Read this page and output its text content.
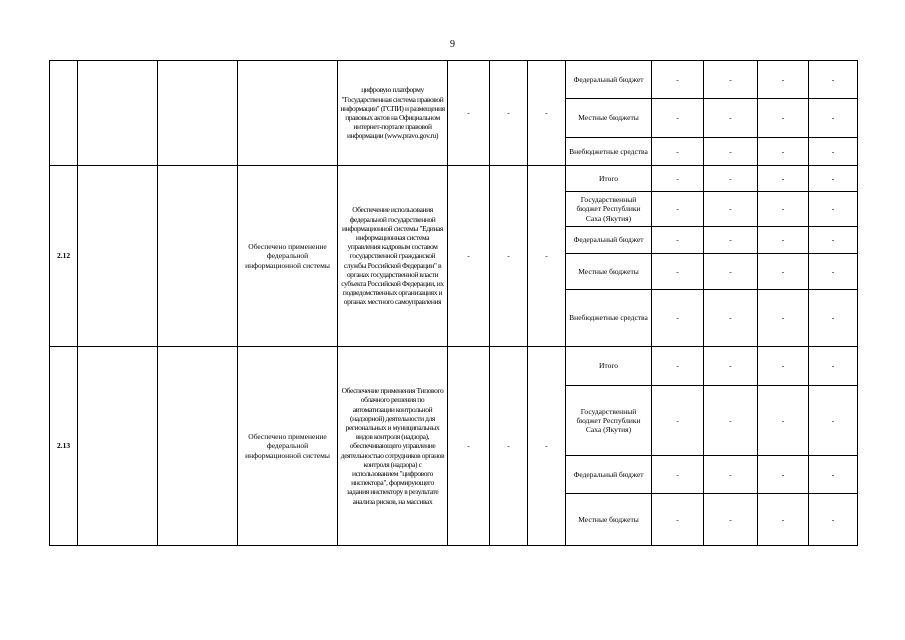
9
				цифровую платформу "Государственная система правовой информации" (ГСПИ) и размещения правовых актов на Официальном интернет-портале правовой информации (www.pravo.gov.ru)	-	-	-	Федеральный бюджет	-	-	-	-
								Местные бюджеты	-	-	-	-
								Внебюджетные средства	-	-	-	-
2.12			Обеспечено применение федеральной информационной системы	Обеспечение использования федеральной государственной информационной системы "Единая информационная система управления кадровым составом государственной гражданской службы Российской Федерации" в органах государственной власти субъекта Российской Федерации, их подведомственных организациях и органах местного самоуправления	-	-	-	Итого	-	-	-	-
								Государственный бюджет Республики Саха (Якутия)	-	-	-	-
								Федеральный бюджет	-	-	-	-
								Местные бюджеты	-	-	-	-
								Внебюджетные средства	-	-	-	-
2.13			Обеспечено применение федеральной информационной системы	Обеспечение применения Типового облачного решения по автоматизации контрольной (надзорной) деятельности для региональных и муниципальных видов контроля (надзора), обеспечивающего управление деятельностью сотрудников органов контроля (надзора) с использованием "цифрового инспектора", формирующего задания инспектору в результате анализа рисков, на массивах	-	-	-	Итого	-	-	-	-
								Государственный бюджет Республики Саха (Якутия)	-	-	-	-
								Федеральный бюджет	-	-	-	-
								Местные бюджеты	-	-	-	-
